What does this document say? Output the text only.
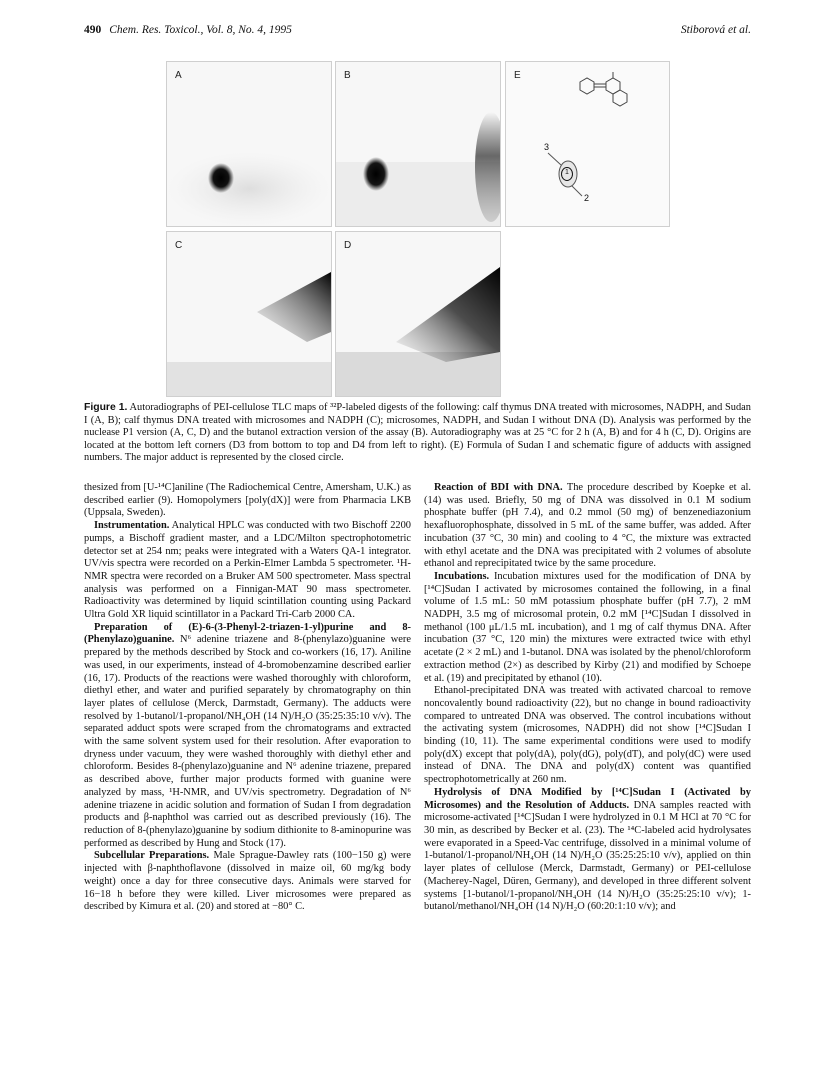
490 Chem. Res. Toxicol., Vol. 8, No. 4, 1995	Stiborová et al.
A	B	E
3
1
2
C	D
Figure 1. Autoradiographs of PEI-cellulose TLC maps of ³²P-labeled digests of the following: calf thymus DNA treated with microsomes, NADPH, and Sudan I (A, B); calf thymus DNA treated with microsomes and NADPH (C); microsomes, NADPH, and Sudan I without DNA (D). Analysis was performed by the nuclease P1 version (A, C, D) and the butanol extraction version of the assay (B). Autoradiography was at 25 °C for 2 h (A, B) and for 4 h (C, D). Origins are located at the bottom left corners (D3 from bottom to top and D4 from left to right). (E) Formula of Sudan I and schematic figure of adducts with assigned numbers. The major adduct is represented by the closed circle.

thesized from [U-¹⁴C]aniline (The Radiochemical Centre, Amersham, U.K.) as described earlier (9). Homopolymers [poly(dX)] were from Pharmacia LKB (Uppsala, Sweden).

Instrumentation. Analytical HPLC was conducted with two Bischoff 2200 pumps, a Bischoff gradient master, and a LDC/Milton spectrophotometric detector set at 254 nm; peaks were integrated with a Waters QA-1 integrator. UV/vis spectra were recorded on a Perkin-Elmer Lambda 5 spectrometer. ¹H-NMR spectra were recorded on a Bruker AM 500 spectrometer. Mass spectral analysis was performed on a Finnigan-MAT 90 mass spectrometer. Radioactivity was determined by liquid scintillation counting using Packard Ultra Gold XR liquid scintillator in a Packard Tri-Carb 2000 CA.

Preparation of (E)-6-(3-Phenyl-2-triazen-1-yl)purine and 8-(Phenylazo)guanine. N⁶ adenine triazene and 8-(phenylazo)guanine were prepared by the methods described by Stock and co-workers (16, 17). Aniline was used, in our experiments, instead of 4-bromobenzamine described earlier (16, 17). Products of the reactions were washed thoroughly with chloroform, diethyl ether, and water and purified separately by chromatography on thin layer plates of cellulose (Merck, Darmstadt, Germany). The adducts were resolved by 1-butanol/1-propanol/NH₄OH (14 N)/H₂O (35:25:35:10 v/v). The separated adduct spots were scraped from the chromatograms and extracted with the same solvent system used for their resolution. After evaporation to dryness under vacuum, they were washed thoroughly with diethyl ether and chloroform. Besides 8-(phenylazo)guanine and N⁶ adenine triazene, prepared as described above, further major products formed with guanine were analyzed by mass, ¹H-NMR, and UV/vis spectrometry. Degradation of N⁶ adenine triazene in acidic solution and formation of Sudan I from degradation products and β-naphthol was carried out as described previously (16). The reduction of 8-(phenylazo)guanine by sodium dithionite to 8-aminopurine was performed as described by Hung and Stock (17).

Subcellular Preparations. Male Sprague-Dawley rats (100−150 g) were injected with β-naphthoflavone (dissolved in maize oil, 60 mg/kg body weight) once a day for three consecutive days. Animals were starved for 16−18 h before they were killed. Liver microsomes were prepared as described by Kimura et al. (20) and stored at −80° C.

Reaction of BDI with DNA. The procedure described by Koepke et al. (14) was used. Briefly, 50 mg of DNA was dissolved in 0.1 M sodium phosphate buffer (pH 7.4), and 0.2 mmol (50 mg) of benzenediazonium hexafluorophosphate, dissolved in 5 mL of the same buffer, was added. After incubation (37 °C, 30 min) and cooling to 4 °C, the mixture was extracted with ethyl acetate and the DNA was precipitated with 2 volumes of absolute ethanol and reprecipitated twice by the same procedure.

Incubations. Incubation mixtures used for the modification of DNA by [¹⁴C]Sudan I activated by microsomes contained the following, in a final volume of 1.5 mL: 50 mM potassium phosphate buffer (pH 7.7), 2 mM NADPH, 3.5 mg of microsomal protein, 0.2 mM [¹⁴C]Sudan I dissolved in methanol (100 μL/1.5 mL incubation), and 1 mg of calf thymus DNA. After incubation (37 °C, 120 min) the mixtures were extracted twice with ethyl acetate (2 × 2 mL) and 1-butanol. DNA was isolated by the phenol/chloroform extraction method (2×) as described by Kirby (21) and modified by Schoepe et al. (19) and precipitated by ethanol (10).

Ethanol-precipitated DNA was treated with activated charcoal to remove noncovalently bound radioactivity (22), but no change in bound radioactivity compared to untreated DNA was observed. The control incubations without the activating system (microsomes, NADPH) did not show [¹⁴C]Sudan I binding (10, 11). The same experimental conditions were used to modify poly(dX) except that poly(dA), poly(dG), poly(dT), and poly(dC) were used instead of DNA. The DNA and poly(dX) content was quantified spectrophotometrically at 260 nm.

Hydrolysis of DNA Modified by [¹⁴C]Sudan I (Activated by Microsomes) and the Resolution of Adducts. DNA samples reacted with microsome-activated [¹⁴C]Sudan I were hydrolyzed in 0.1 M HCl at 70 °C for 30 min, as described by Becker et al. (23). The ¹⁴C-labeled acid hydrolysates were evaporated in a Speed-Vac centrifuge, dissolved in a minimal volume of 1-butanol/1-propanol/NH₄OH (14 N)/H₂O (35:25:25:10 v/v), applied on thin layer plates of cellulose (Merck, Darmstadt, Germany) or PEI-cellulose (Macherey-Nagel, Düren, Germany), and developed in three different solvent systems [1-butanol/1-propanol/NH₄OH (14 N)/H₂O (35:25:25:10 v/v); 1-butanol/methanol/NH₄OH (14 N)/H₂O (60:20:1:10 v/v); and
